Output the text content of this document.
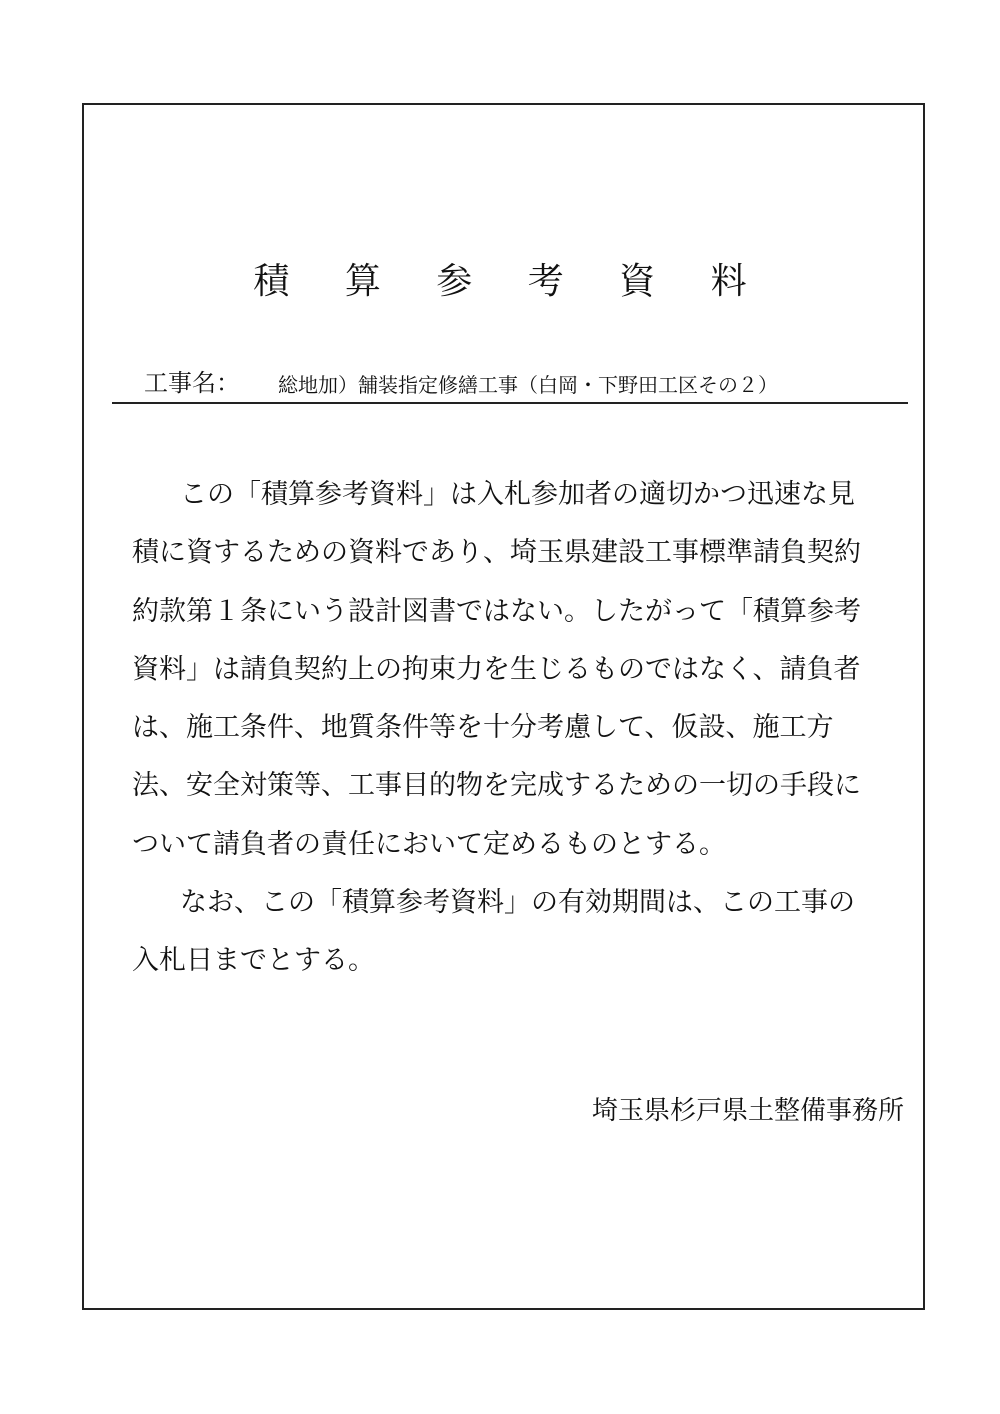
積 算 参 考 資 料
工事名： 総地加）舗装指定修繕工事（白岡・下野田工区その２）
この「積算参考資料」は入札参加者の適切かつ迅速な見
積に資するための資料であり、埼玉県建設工事標準請負契約
約款第１条にいう設計図書ではない。したがって「積算参考
資料」は請負契約上の拘束力を生じるものではなく、請負者
は、施工条件、地質条件等を十分考慮して、仮設、施工方
法、安全対策等、工事目的物を完成するための一切の手段に
ついて請負者の責任において定めるものとする。
なお、この「積算参考資料」の有効期間は、この工事の
入札日までとする。
埼玉県杉戸県土整備事務所
